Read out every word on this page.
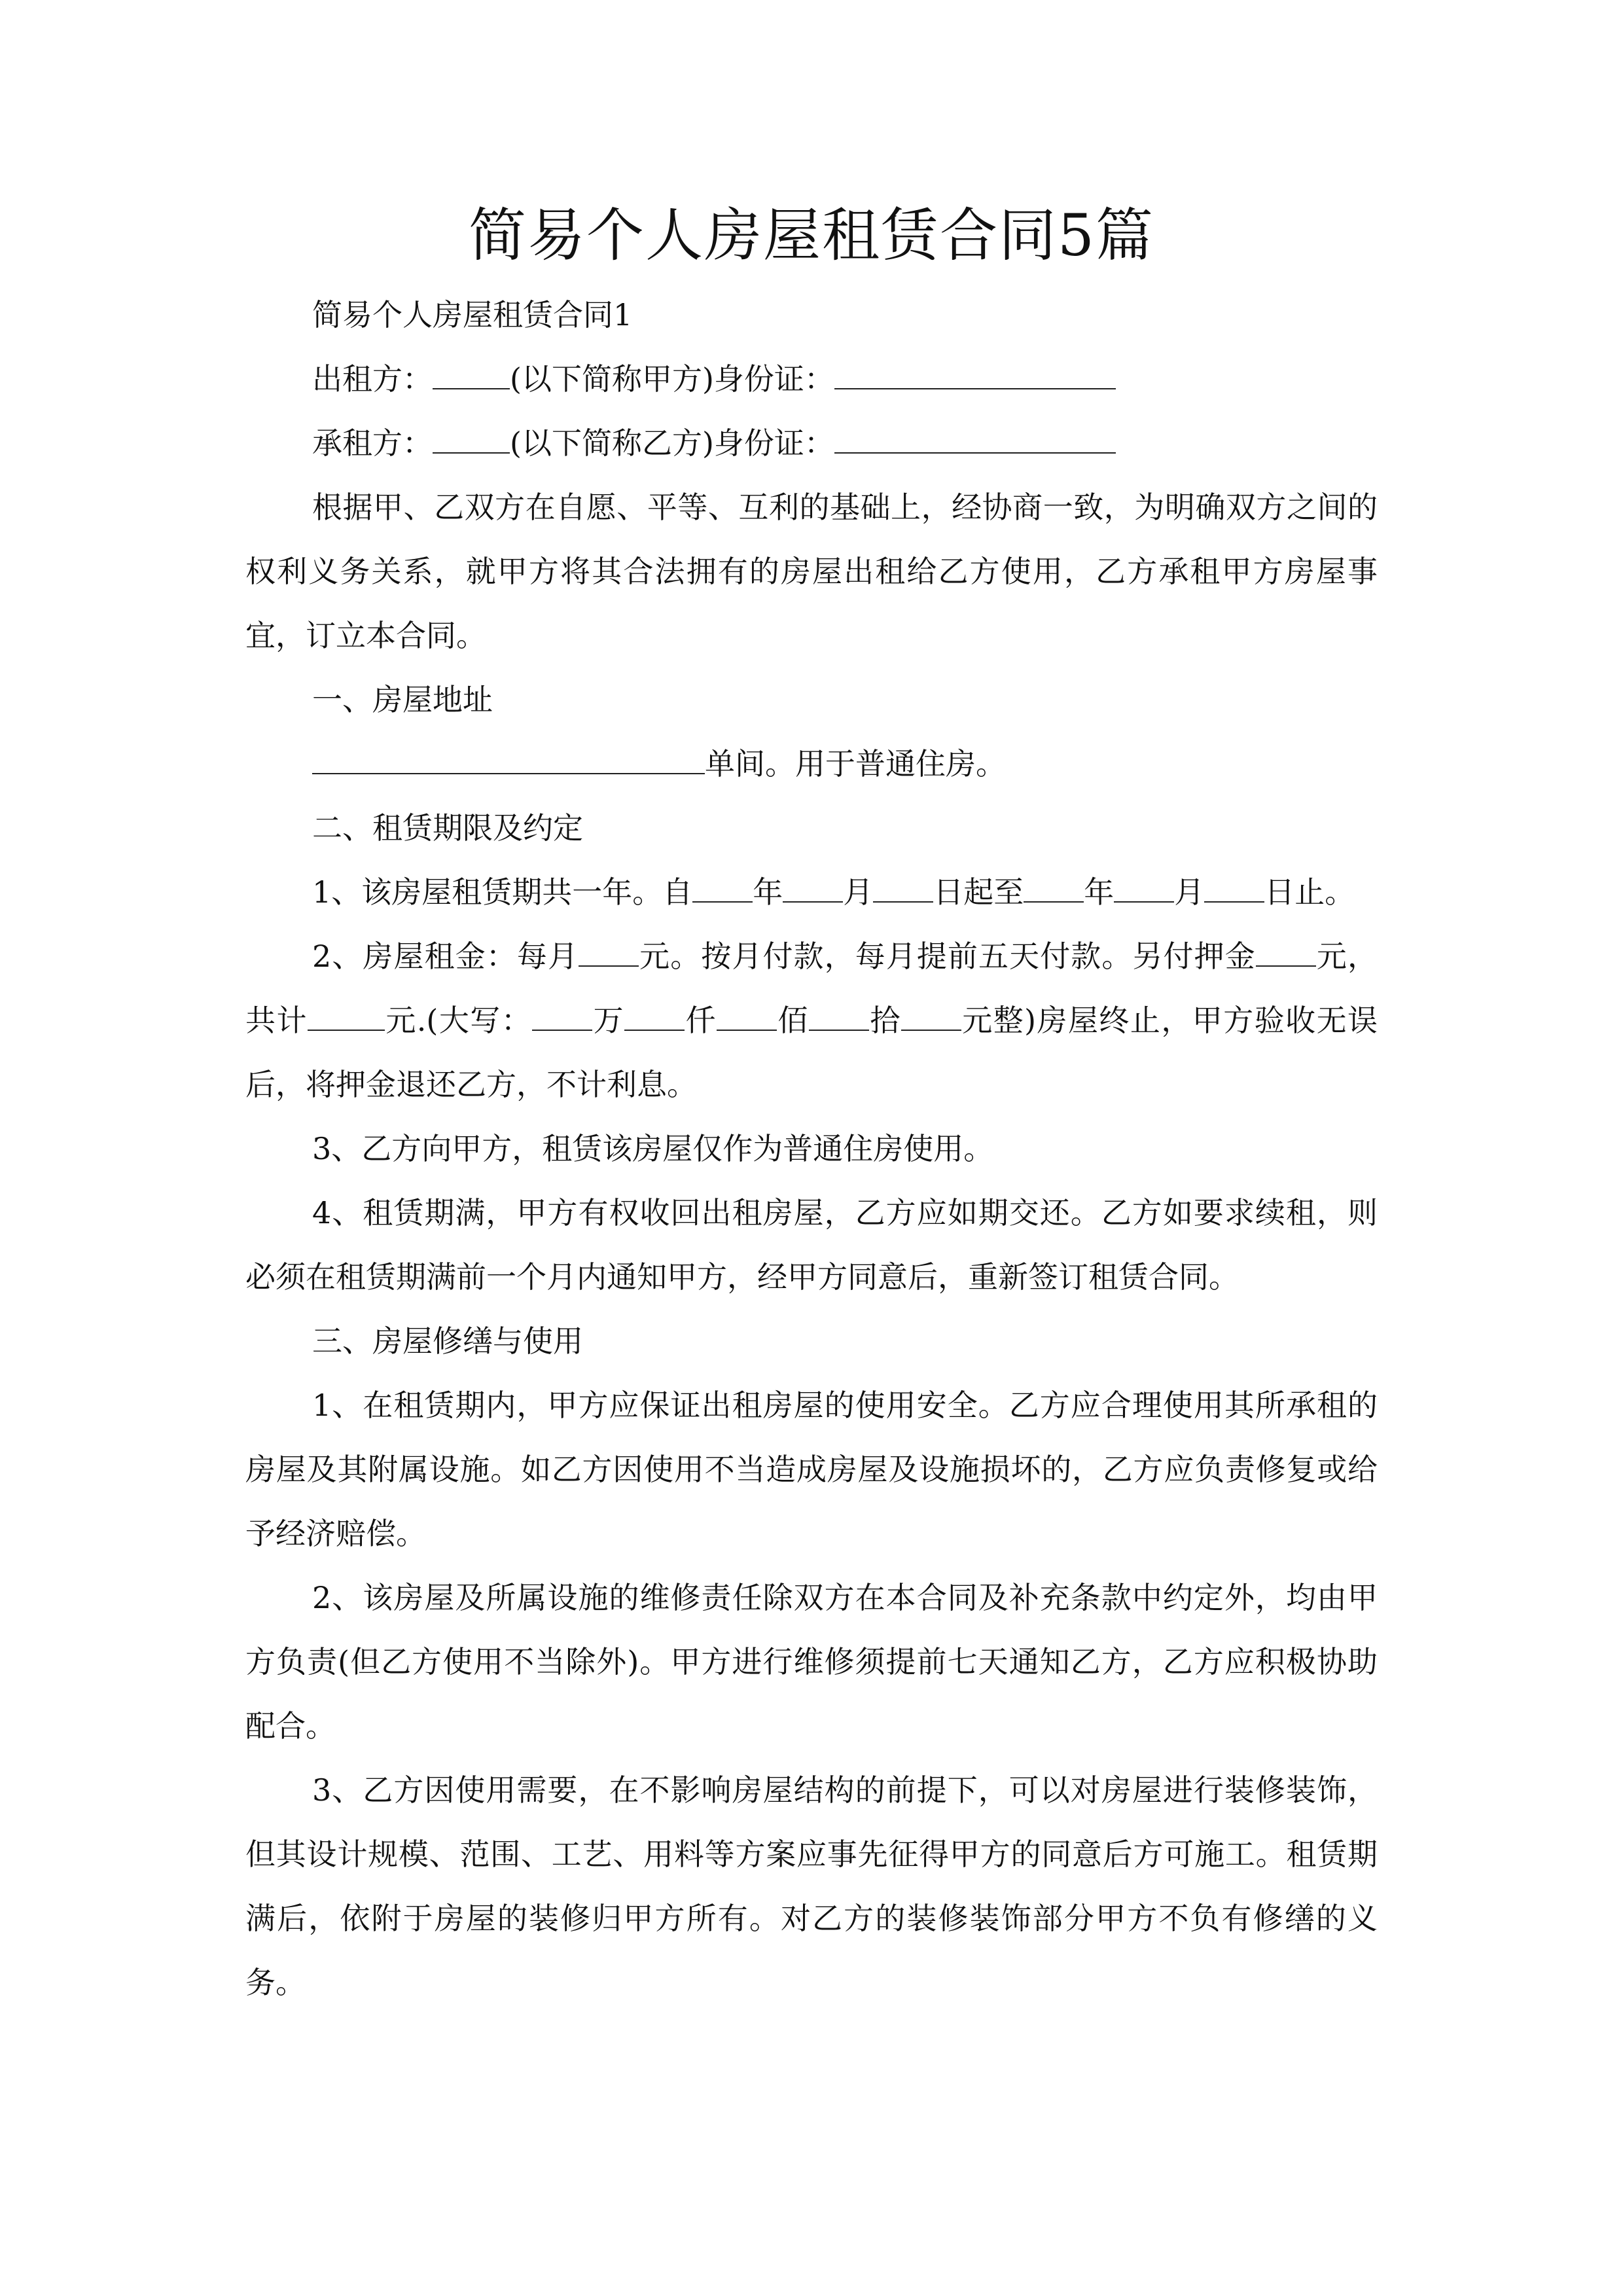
简易个人房屋租赁合同5篇

简易个人房屋租赁合同1

出租方：	(以下简称甲方)身份证：

承租方：	(以下简称乙方)身份证：

根据甲、乙双方在自愿、平等、互利的基础上，经协商一致，为明确双方之间的权利义务关系，就甲方将其合法拥有的房屋出租给乙方使用，乙方承租甲方房屋事宜，订立本合同。

一、房屋地址

单间。用于普通住房。

二、租赁期限及约定

1、该房屋租赁期共一年。自 年 月 日起至 年 月 日止。

2、房屋租金：每月 元。按月付款，每月提前五天付款。另付押金 元，共计	元.(大写： 万 仟 佰 拾 元整)房屋终止，甲方验收无误后，将押金退还乙方，不计利息。

3、乙方向甲方，租赁该房屋仅作为普通住房使用。

4、租赁期满，甲方有权收回出租房屋，乙方应如期交还。乙方如要求续租，则必须在租赁期满前一个月内通知甲方，经甲方同意后，重新签订租赁合同。

三、房屋修缮与使用

1、在租赁期内，甲方应保证出租房屋的使用安全。乙方应合理使用其所承租的房屋及其附属设施。如乙方因使用不当造成房屋及设施损坏的，乙方应负责修复或给予经济赔偿。

2、该房屋及所属设施的维修责任除双方在本合同及补充条款中约定外，均由甲方负责(但乙方使用不当除外)。甲方进行维修须提前七天通知乙方，乙方应积极协助配合。

3、乙方因使用需要，在不影响房屋结构的前提下，可以对房屋进行装修装饰，但其设计规模、范围、工艺、用料等方案应事先征得甲方的同意后方可施工。租赁期满后，依附于房屋的装修归甲方所有。对乙方的装修装饰部分甲方不负有修缮的义务。
